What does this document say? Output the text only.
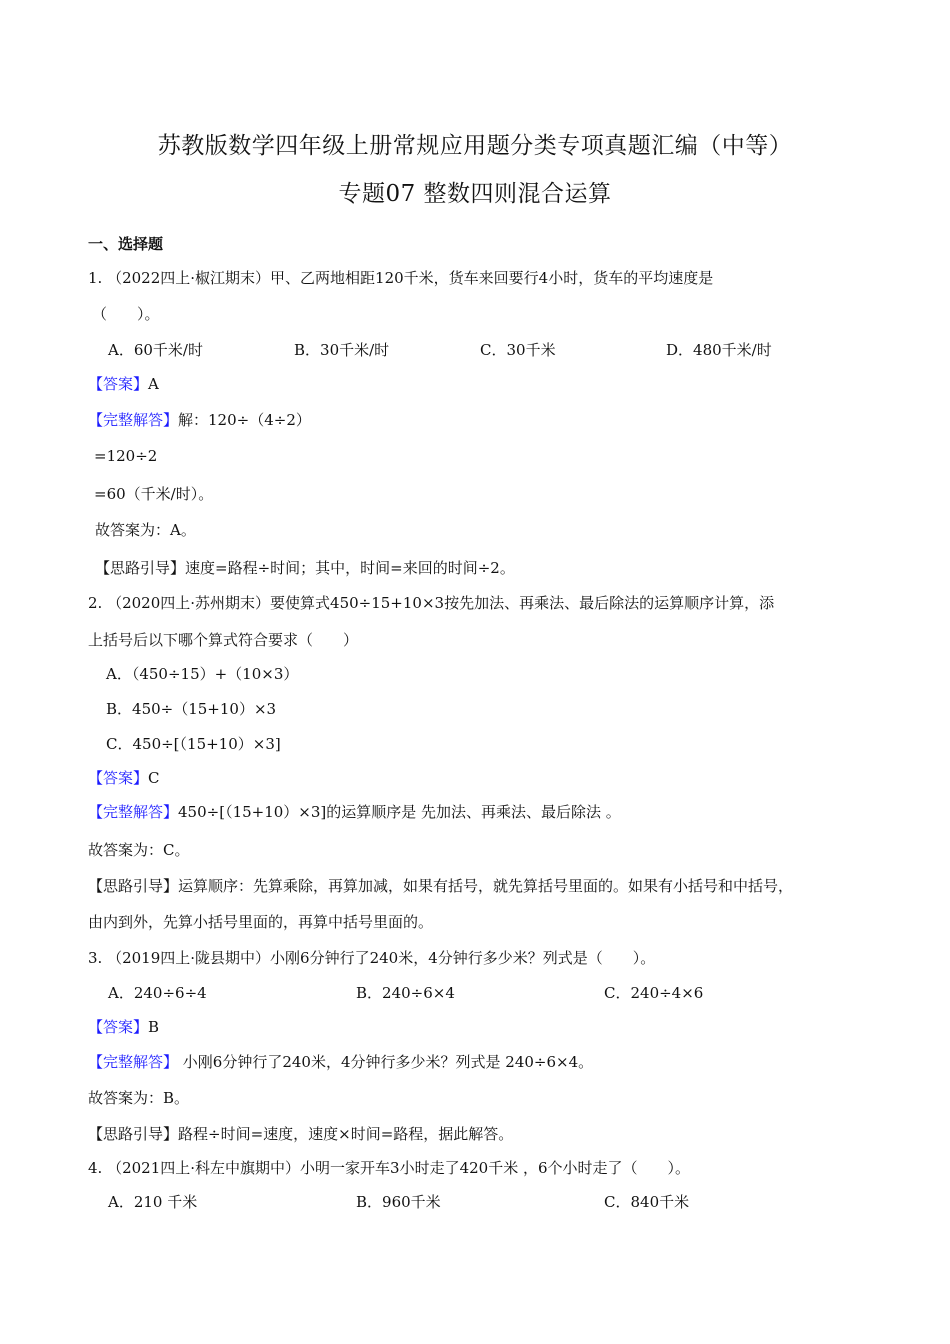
苏教版数学四年级上册常规应用题分类专项真题汇编（中等）
专题07 整数四则混合运算
一、选择题
1. （2022四上·椒江期末）甲、乙两地相距120千米，货车来回要行4小时，货车的平均速度是
（　　）。
A．60千米/时	B．30千米/时	C．30千米	D．480千米/时
【答案】A
【完整解答】解：120÷（4÷2）
=120÷2
=60（千米/时）。
故答案为：A。
【思路引导】速度=路程÷时间；其中，时间=来回的时间÷2。
2. （2020四上·苏州期末）要使算式450÷15+10×3按先加法、再乘法、最后除法的运算顺序计算，添
上括号后以下哪个算式符合要求（　　）
A．（450÷15）+（10×3）
B．450÷（15+10）×3
C．450÷[（15+10）×3]
【答案】C
【完整解答】450÷[（15+10）×3]的运算顺序是 先加法、再乘法、最后除法 。
故答案为：C。
【思路引导】运算顺序：先算乘除，再算加减，如果有括号，就先算括号里面的。如果有小括号和中括号，
由内到外，先算小括号里面的，再算中括号里面的。
3. （2019四上·陇县期中）小刚6分钟行了240米，4分钟行多少米？列式是（　　）。
A．240÷6÷4	B．240÷6×4	C．240÷4×6
【答案】B
【完整解答】 小刚6分钟行了240米，4分钟行多少米？列式是 240÷6×4。
故答案为：B。
【思路引导】路程÷时间=速度，速度×时间=路程，据此解答。
4. （2021四上·科左中旗期中）小明一家开车3小时走了420千米 ，6个小时走了（　　）。
A．210 千米	B．960千米	C．840千米
